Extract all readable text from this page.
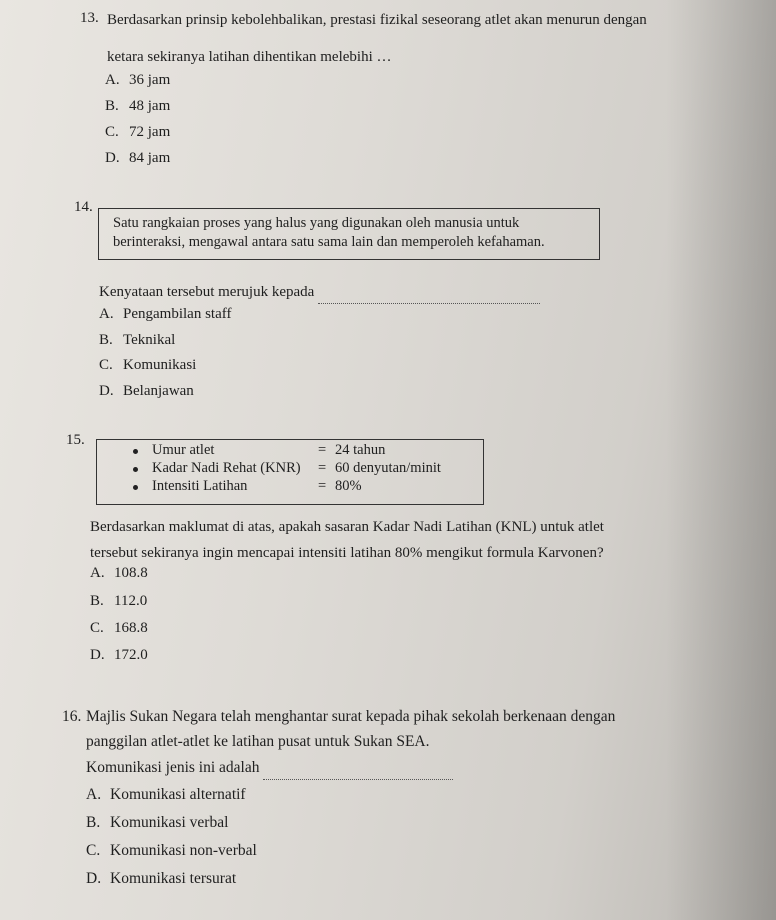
13. Berdasarkan prinsip kebolehbalikan, prestasi fizikal seseorang atlet akan menurun dengan
ketara sekiranya latihan dihentikan melebihi …
A. 36 jam
B. 48 jam
C. 72 jam
D. 84 jam
14.
Satu rangkaian proses yang halus yang digunakan oleh manusia untuk
berinteraksi, mengawal antara satu sama lain dan memperoleh kefahaman.
Kenyataan tersebut merujuk kepada
A. Pengambilan staff
B. Teknikal
C. Komunikasi
D. Belanjawan
15.
Umur atlet	= 24 tahun
Kadar Nadi Rehat (KNR) = 60 denyutan/minit
Intensiti Latihan	= 80%
Berdasarkan maklumat di atas, apakah sasaran Kadar Nadi Latihan (KNL) untuk atlet
tersebut sekiranya ingin mencapai intensiti latihan 80% mengikut formula Karvonen?
A. 108.8
B. 112.0
C. 168.8
D. 172.0
16. Majlis Sukan Negara telah menghantar surat kepada pihak sekolah berkenaan dengan
panggilan atlet-atlet ke latihan pusat untuk Sukan SEA.
Komunikasi jenis ini adalah
A. Komunikasi alternatif
B. Komunikasi verbal
C. Komunikasi non-verbal
D. Komunikasi tersurat
